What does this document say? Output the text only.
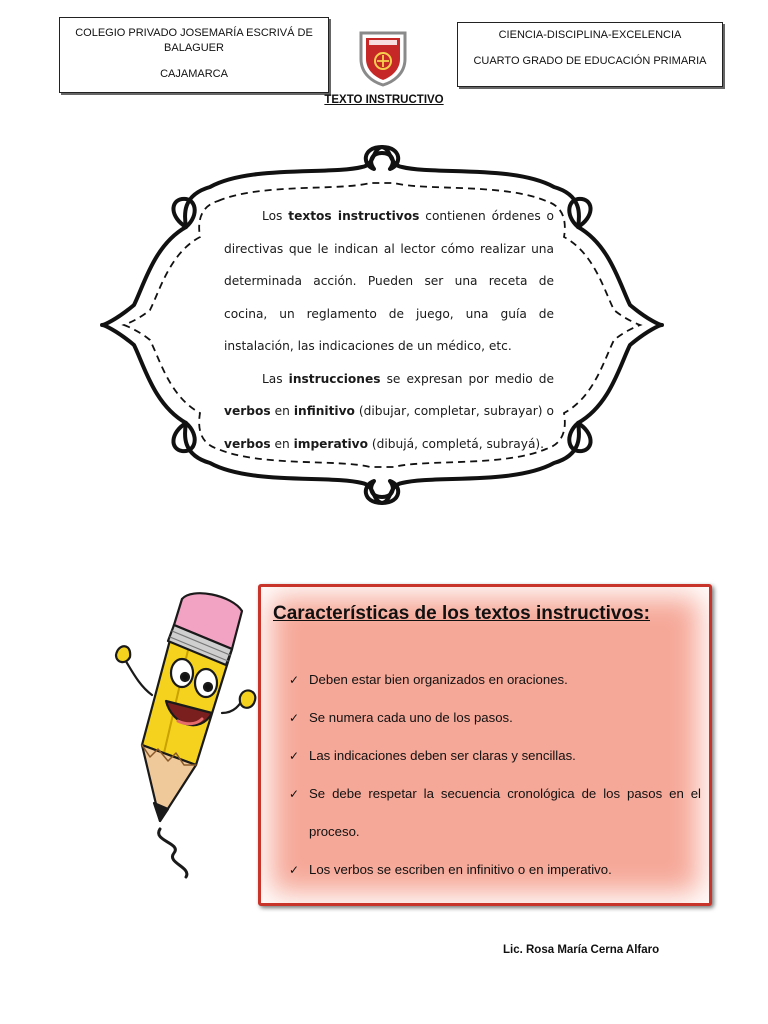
COLEGIO PRIVADO JOSEMARÍA ESCRIVÁ DE BALAGUER
CAJAMARCA
CIENCIA-DISCIPLINA-EXCELENCIA
CUARTO GRADO DE EDUCACIÓN PRIMARIA
TEXTO INSTRUCTIVO

Los textos instructivos contienen órdenes o directivas que le indican al lector cómo realizar una determinada acción. Pueden ser una receta de cocina, un reglamento de juego, una guía de instalación, las indicaciones de un médico, etc.

Las instrucciones se expresan por medio de verbos en infinitivo (dibujar, completar, subrayar) o verbos en imperativo (dibujá, completá, subrayá).

Características de los textos instructivos:
✓ Deben estar bien organizados en oraciones.
✓ Se numera cada uno de los pasos.
✓ Las indicaciones deben ser claras y sencillas.
✓ Se debe respetar la secuencia cronológica de los pasos en el proceso.
✓ Los verbos se escriben en infinitivo o en imperativo.
Lic. Rosa María Cerna Alfaro
